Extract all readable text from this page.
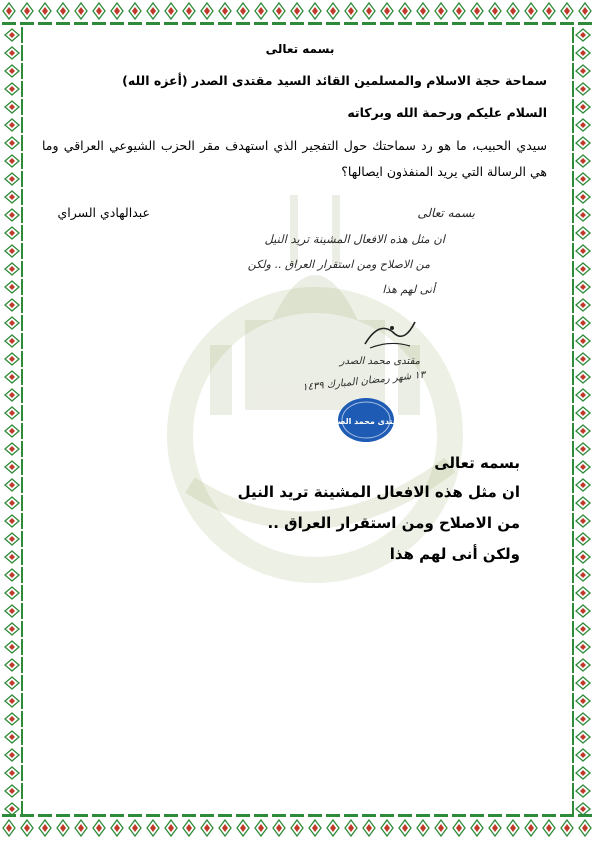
بسمه تعالى
سماحة حجة الاسلام والمسلمين القائد السيد مقتدى الصدر (أعزه الله)
السلام عليكم ورحمة الله وبركاته
سيدي الحبيب، ما هو رد سماحتك حول التفجير الذي استهدف مقر الحزب الشيوعي العراقي وما هي الرسالة التي يريد المنفذون ايصالها؟
عبدالهادي السراي	بسمه تعالى
ان مثل هذه الافعال المشينة تريد النيل
من الاصلاح ومن استقرار العراق .. ولكن
أنى لهم هذا
مقتدى محمد الصدر
١٣ شهر رمضان المبارك ١٤٣٩
مقتدى محمد الصدر
بسمه تعالى
ان مثل هذه الافعال المشينة تريد النيل
من الاصلاح ومن استقرار العراق ..
ولكن أنى لهم هذا
